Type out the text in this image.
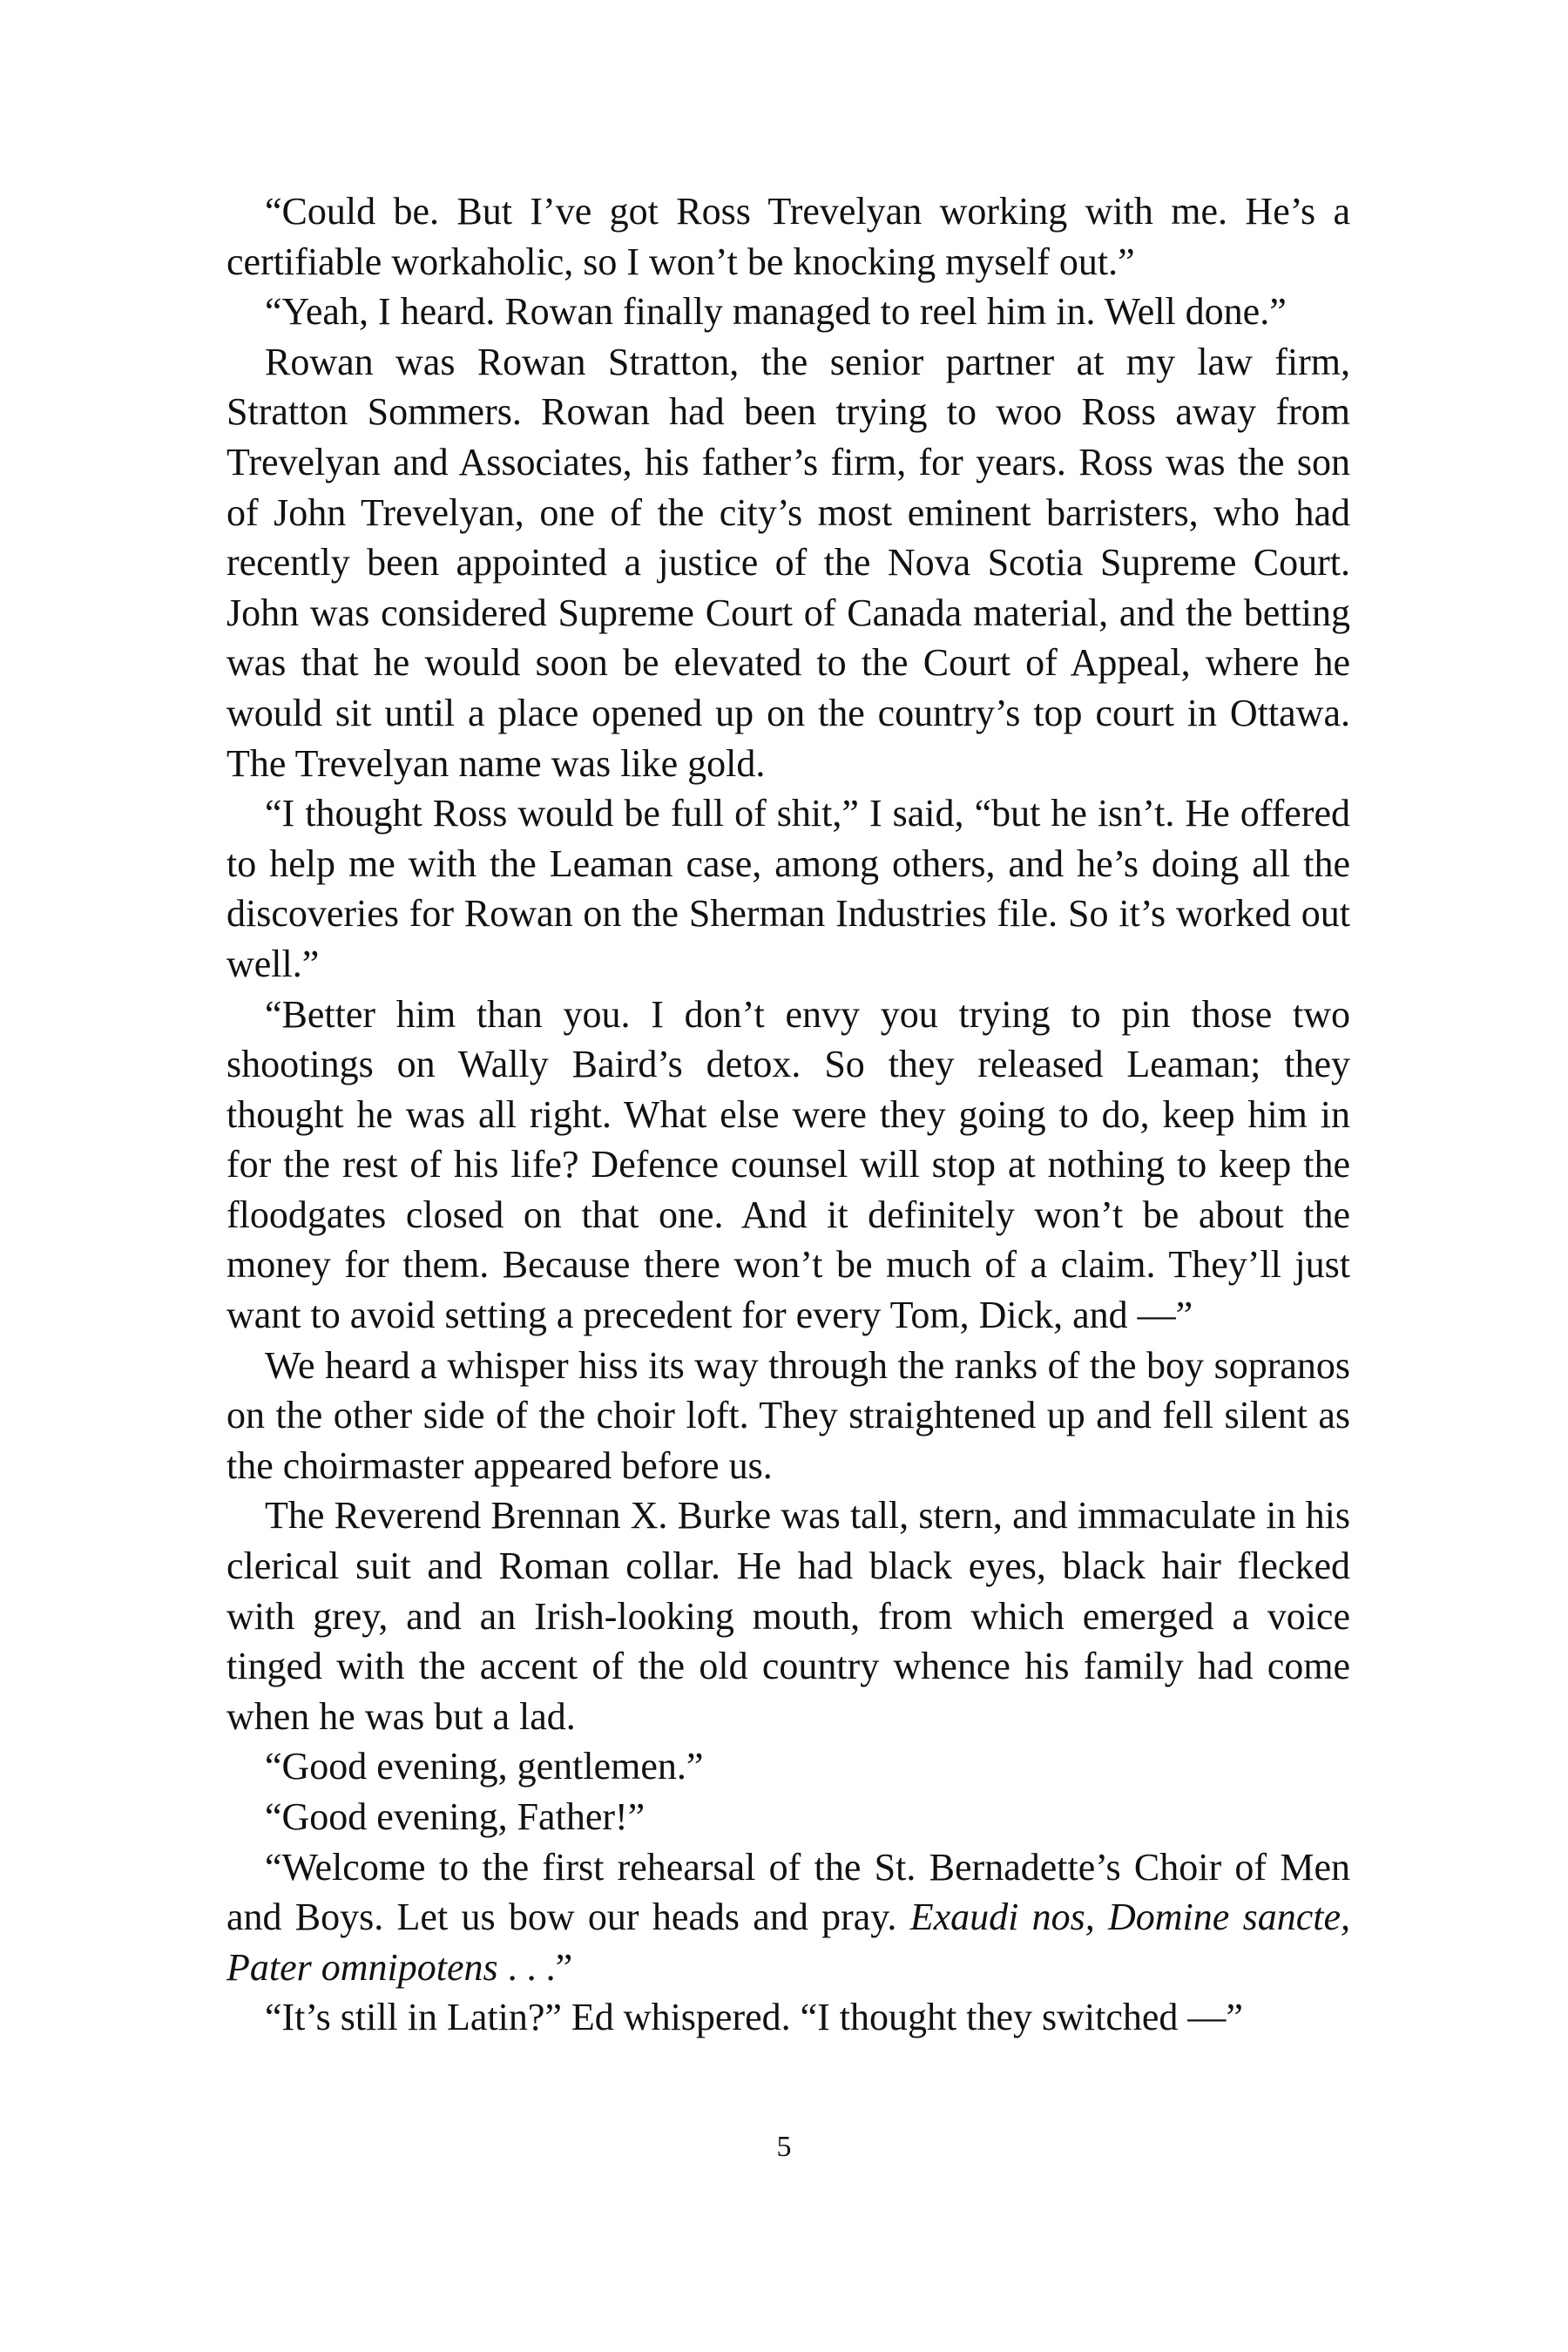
“Could be. But I’ve got Ross Trevelyan working with me. He’s a certifiable workaholic, so I won’t be knocking myself out.”

“Yeah, I heard. Rowan finally managed to reel him in. Well done.”

Rowan was Rowan Stratton, the senior partner at my law firm, Stratton Sommers. Rowan had been trying to woo Ross away from Trevelyan and Associates, his father’s firm, for years. Ross was the son of John Trevelyan, one of the city’s most eminent barristers, who had recently been appointed a justice of the Nova Scotia Supreme Court. John was considered Supreme Court of Canada material, and the betting was that he would soon be elevated to the Court of Appeal, where he would sit until a place opened up on the country’s top court in Ottawa. The Trevelyan name was like gold.

“I thought Ross would be full of shit,” I said, “but he isn’t. He offered to help me with the Leaman case, among others, and he’s doing all the discoveries for Rowan on the Sherman Industries file. So it’s worked out well.”

“Better him than you. I don’t envy you trying to pin those two shootings on Wally Baird’s detox. So they released Leaman; they thought he was all right. What else were they going to do, keep him in for the rest of his life? Defence counsel will stop at nothing to keep the floodgates closed on that one. And it definitely won’t be about the money for them. Because there won’t be much of a claim. They’ll just want to avoid setting a precedent for every Tom, Dick, and —”

We heard a whisper hiss its way through the ranks of the boy sopranos on the other side of the choir loft. They straightened up and fell silent as the choirmaster appeared before us.

The Reverend Brennan X. Burke was tall, stern, and immaculate in his clerical suit and Roman collar. He had black eyes, black hair flecked with grey, and an Irish-looking mouth, from which emerged a voice tinged with the accent of the old country whence his family had come when he was but a lad.

“Good evening, gentlemen.”

“Good evening, Father!”

“Welcome to the first rehearsal of the St. Bernadette’s Choir of Men and Boys. Let us bow our heads and pray. Exaudi nos, Domine sancte, Pater omnipotens . . .”

“It’s still in Latin?” Ed whispered. “I thought they switched —”

5
